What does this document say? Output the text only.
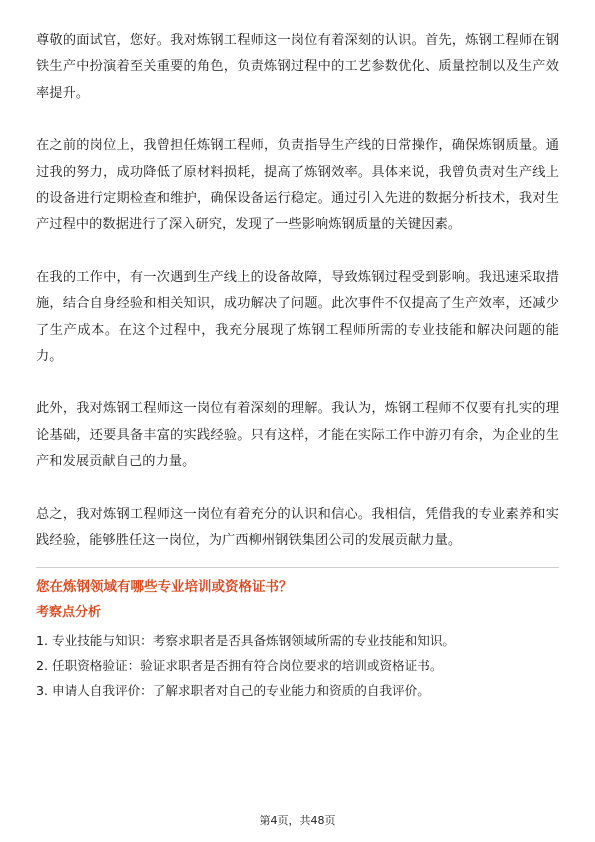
尊敬的面试官，您好。我对炼钢工程师这一岗位有着深刻的认识。首先，炼钢工程师在钢铁生产中扮演着至关重要的角色，负责炼钢过程中的工艺参数优化、质量控制以及生产效率提升。

在之前的岗位上，我曾担任炼钢工程师，负责指导生产线的日常操作，确保炼钢质量。通过我的努力，成功降低了原材料损耗，提高了炼钢效率。具体来说，我曾负责对生产线上的设备进行定期检查和维护，确保设备运行稳定。通过引入先进的数据分析技术，我对生产过程中的数据进行了深入研究，发现了一些影响炼钢质量的关键因素。

在我的工作中，有一次遇到生产线上的设备故障，导致炼钢过程受到影响。我迅速采取措施，结合自身经验和相关知识，成功解决了问题。此次事件不仅提高了生产效率，还减少了生产成本。在这个过程中，我充分展现了炼钢工程师所需的专业技能和解决问题的能力。

此外，我对炼钢工程师这一岗位有着深刻的理解。我认为，炼钢工程师不仅要有扎实的理论基础，还要具备丰富的实践经验。只有这样，才能在实际工作中游刃有余，为企业的生产和发展贡献自己的力量。

总之，我对炼钢工程师这一岗位有着充分的认识和信心。我相信，凭借我的专业素养和实践经验，能够胜任这一岗位，为广西柳州钢铁集团公司的发展贡献力量。

您在炼钢领域有哪些专业培训或资格证书？
考察点分析
1. 专业技能与知识：考察求职者是否具备炼钢领域所需的专业技能和知识。
2. 任职资格验证：验证求职者是否拥有符合岗位要求的培训或资格证书。
3. 申请人自我评价：了解求职者对自己的专业能力和资质的自我评价。
第4页，共48页
